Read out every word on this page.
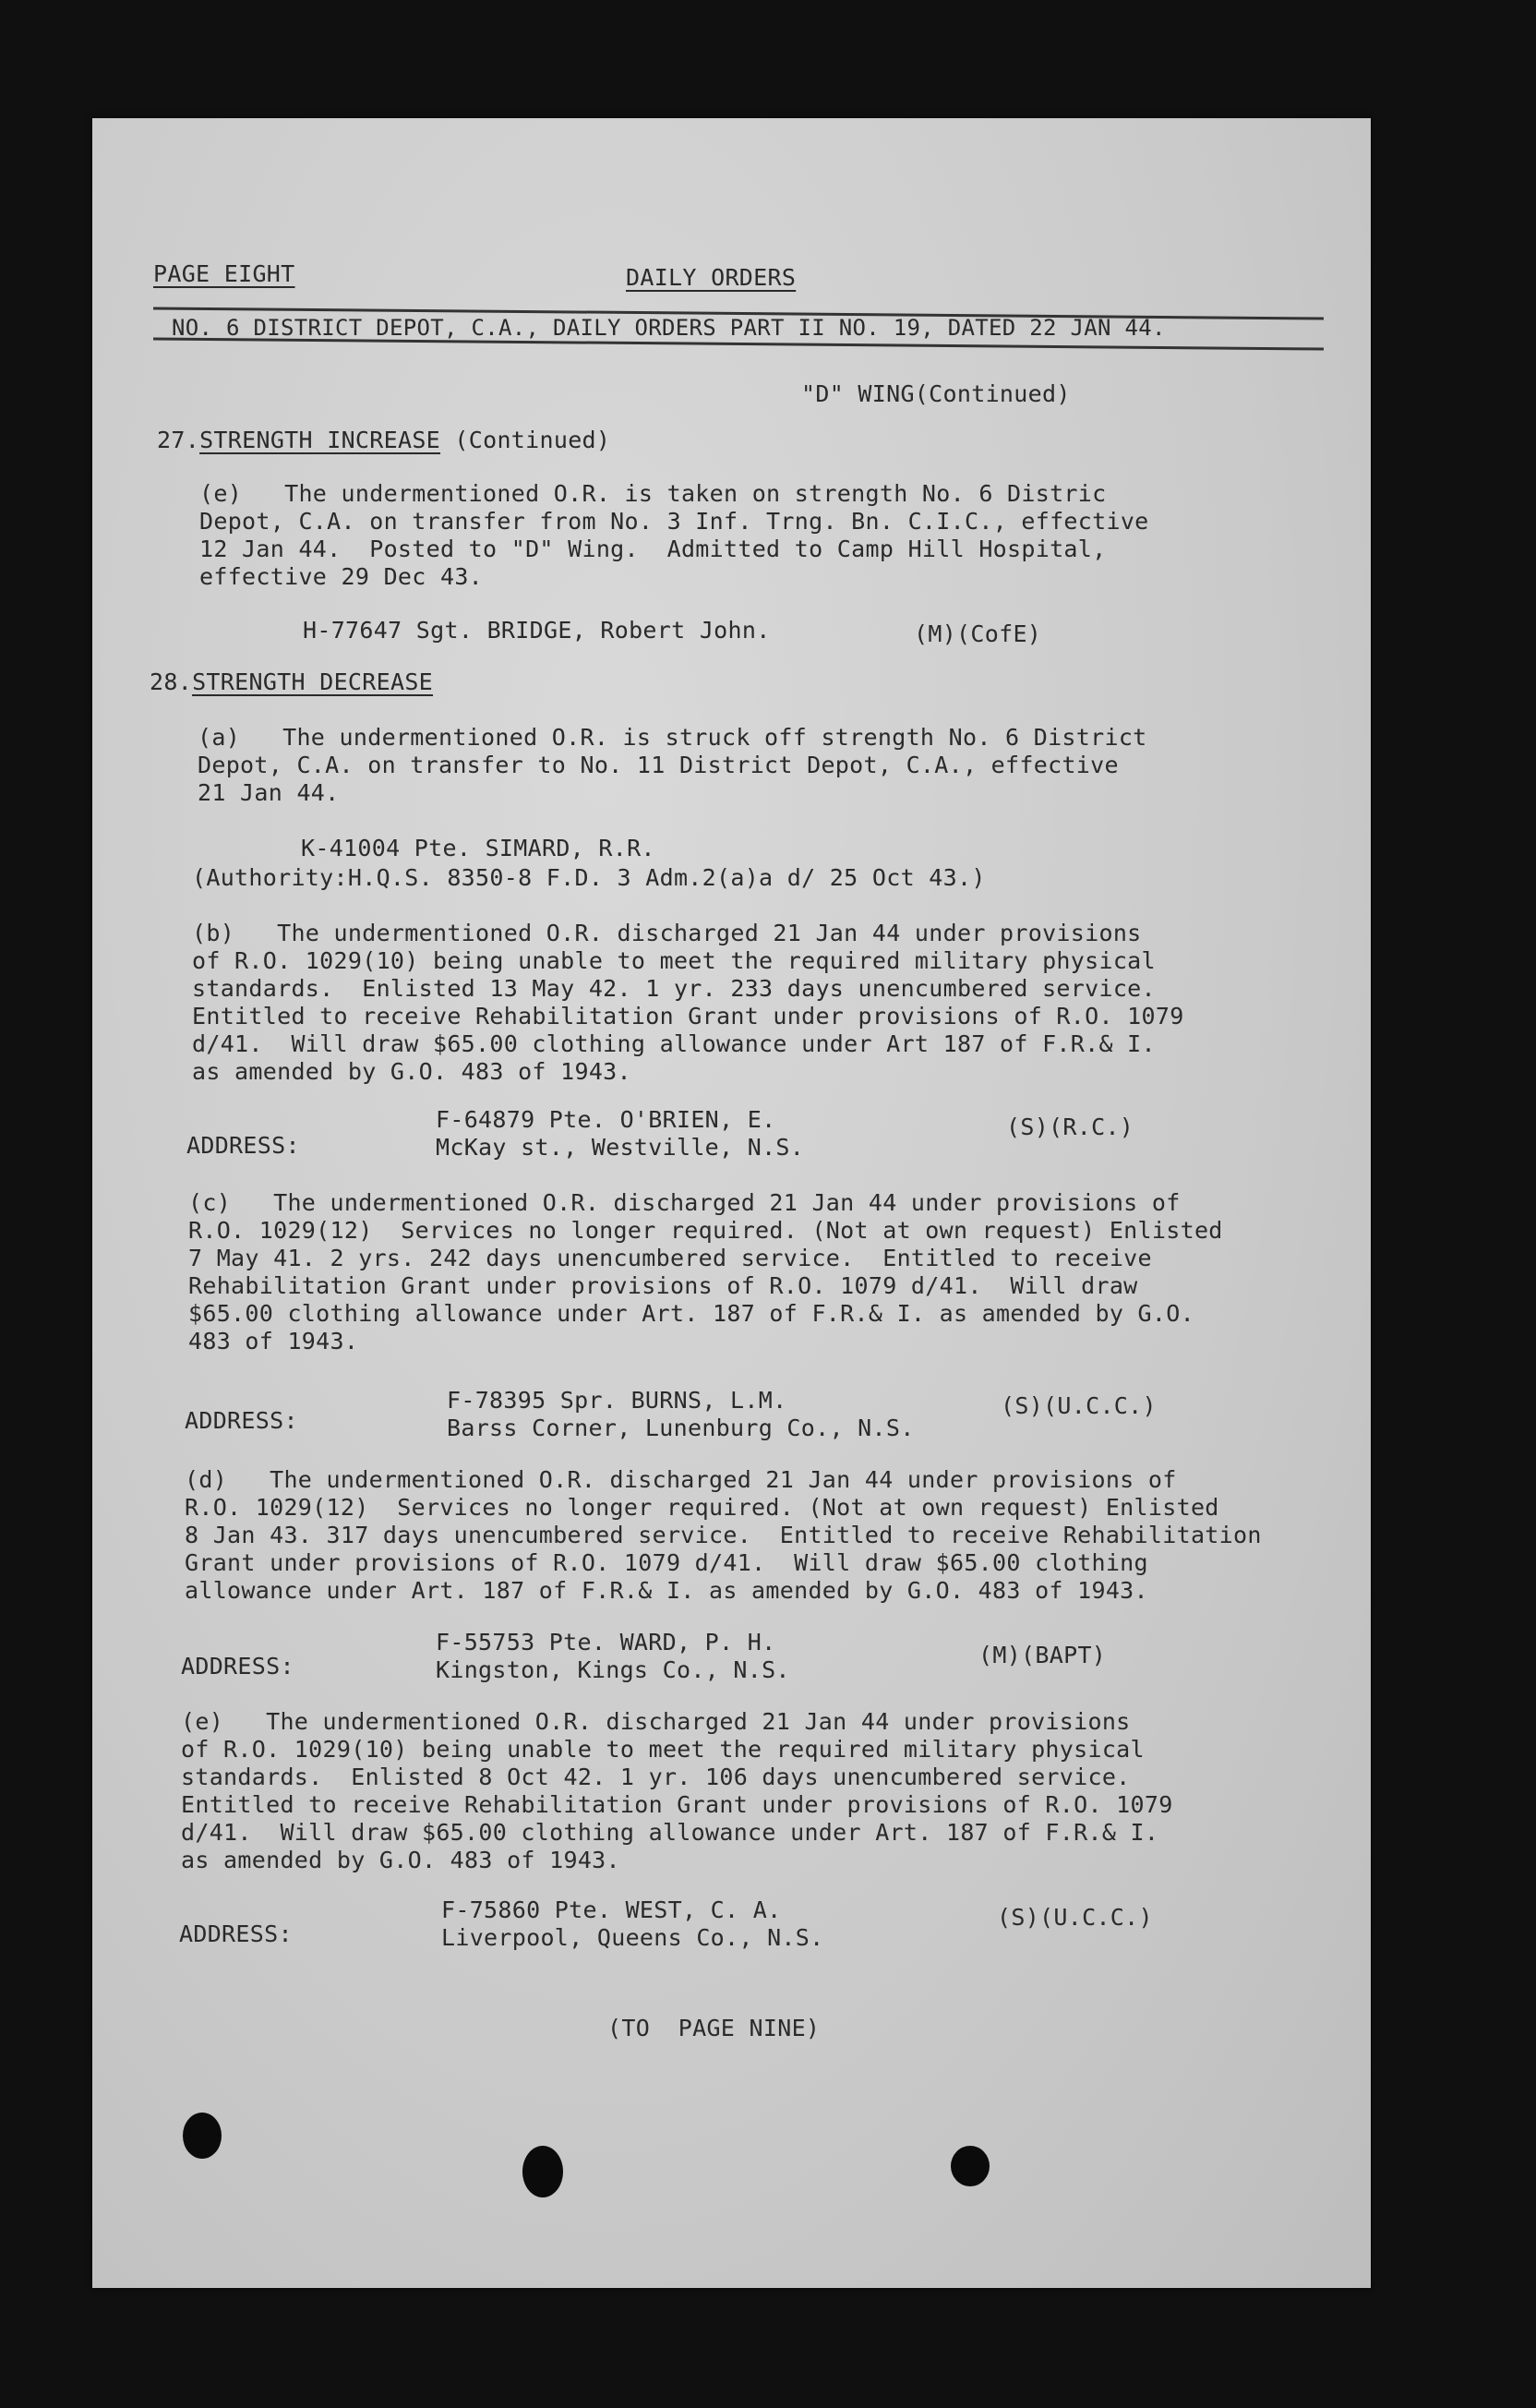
PAGE EIGHT	DAILY ORDERS
NO. 6 DISTRICT DEPOT, C.A., DAILY ORDERS PART II NO. 19, DATED 22 JAN 44.
"D" WING(Continued)
27.STRENGTH INCREASE (Continued)
(e)   The undermentioned O.R. is taken on strength No. 6 Distric
Depot, C.A. on transfer from No. 3 Inf. Trng. Bn. C.I.C., effective
12 Jan 44.  Posted to "D" Wing.  Admitted to Camp Hill Hospital,
effective 29 Dec 43.
H-77647 Sgt. BRIDGE, Robert John.	(M)(CofE)
28.STRENGTH DECREASE
(a)   The undermentioned O.R. is struck off strength No. 6 District
Depot, C.A. on transfer to No. 11 District Depot, C.A., effective
21 Jan 44.
K-41004 Pte. SIMARD, R.R.
(Authority:H.Q.S. 8350-8 F.D. 3 Adm.2(a)a d/ 25 Oct 43.)
(b)   The undermentioned O.R. discharged 21 Jan 44 under provisions
of R.O. 1029(10) being unable to meet the required military physical
standards.  Enlisted 13 May 42. 1 yr. 233 days unencumbered service.
Entitled to receive Rehabilitation Grant under provisions of R.O. 1079
d/41.  Will draw $65.00 clothing allowance under Art 187 of F.R.& I.
as amended by G.O. 483 of 1943.
ADDRESS:
F-64879 Pte. O'BRIEN, E.
McKay st., Westville, N.S.
(S)(R.C.)
(c)   The undermentioned O.R. discharged 21 Jan 44 under provisions of
R.O. 1029(12)  Services no longer required. (Not at own request) Enlisted
7 May 41. 2 yrs. 242 days unencumbered service.  Entitled to receive
Rehabilitation Grant under provisions of R.O. 1079 d/41.  Will draw
$65.00 clothing allowance under Art. 187 of F.R.& I. as amended by G.O.
483 of 1943.
ADDRESS:
F-78395 Spr. BURNS, L.M.
Barss Corner, Lunenburg Co., N.S.
(S)(U.C.C.)
(d)   The undermentioned O.R. discharged 21 Jan 44 under provisions of
R.O. 1029(12)  Services no longer required. (Not at own request) Enlisted
8 Jan 43. 317 days unencumbered service.  Entitled to receive Rehabilitation
Grant under provisions of R.O. 1079 d/41.  Will draw $65.00 clothing
allowance under Art. 187 of F.R.& I. as amended by G.O. 483 of 1943.
ADDRESS:
F-55753 Pte. WARD, P. H.
Kingston, Kings Co., N.S.
(M)(BAPT)
(e)   The undermentioned O.R. discharged 21 Jan 44 under provisions
of R.O. 1029(10) being unable to meet the required military physical
standards.  Enlisted 8 Oct 42. 1 yr. 106 days unencumbered service.
Entitled to receive Rehabilitation Grant under provisions of R.O. 1079
d/41.  Will draw $65.00 clothing allowance under Art. 187 of F.R.& I.
as amended by G.O. 483 of 1943.
ADDRESS:
F-75860 Pte. WEST, C. A.
Liverpool, Queens Co., N.S.
(S)(U.C.C.)
(TO  PAGE NINE)
